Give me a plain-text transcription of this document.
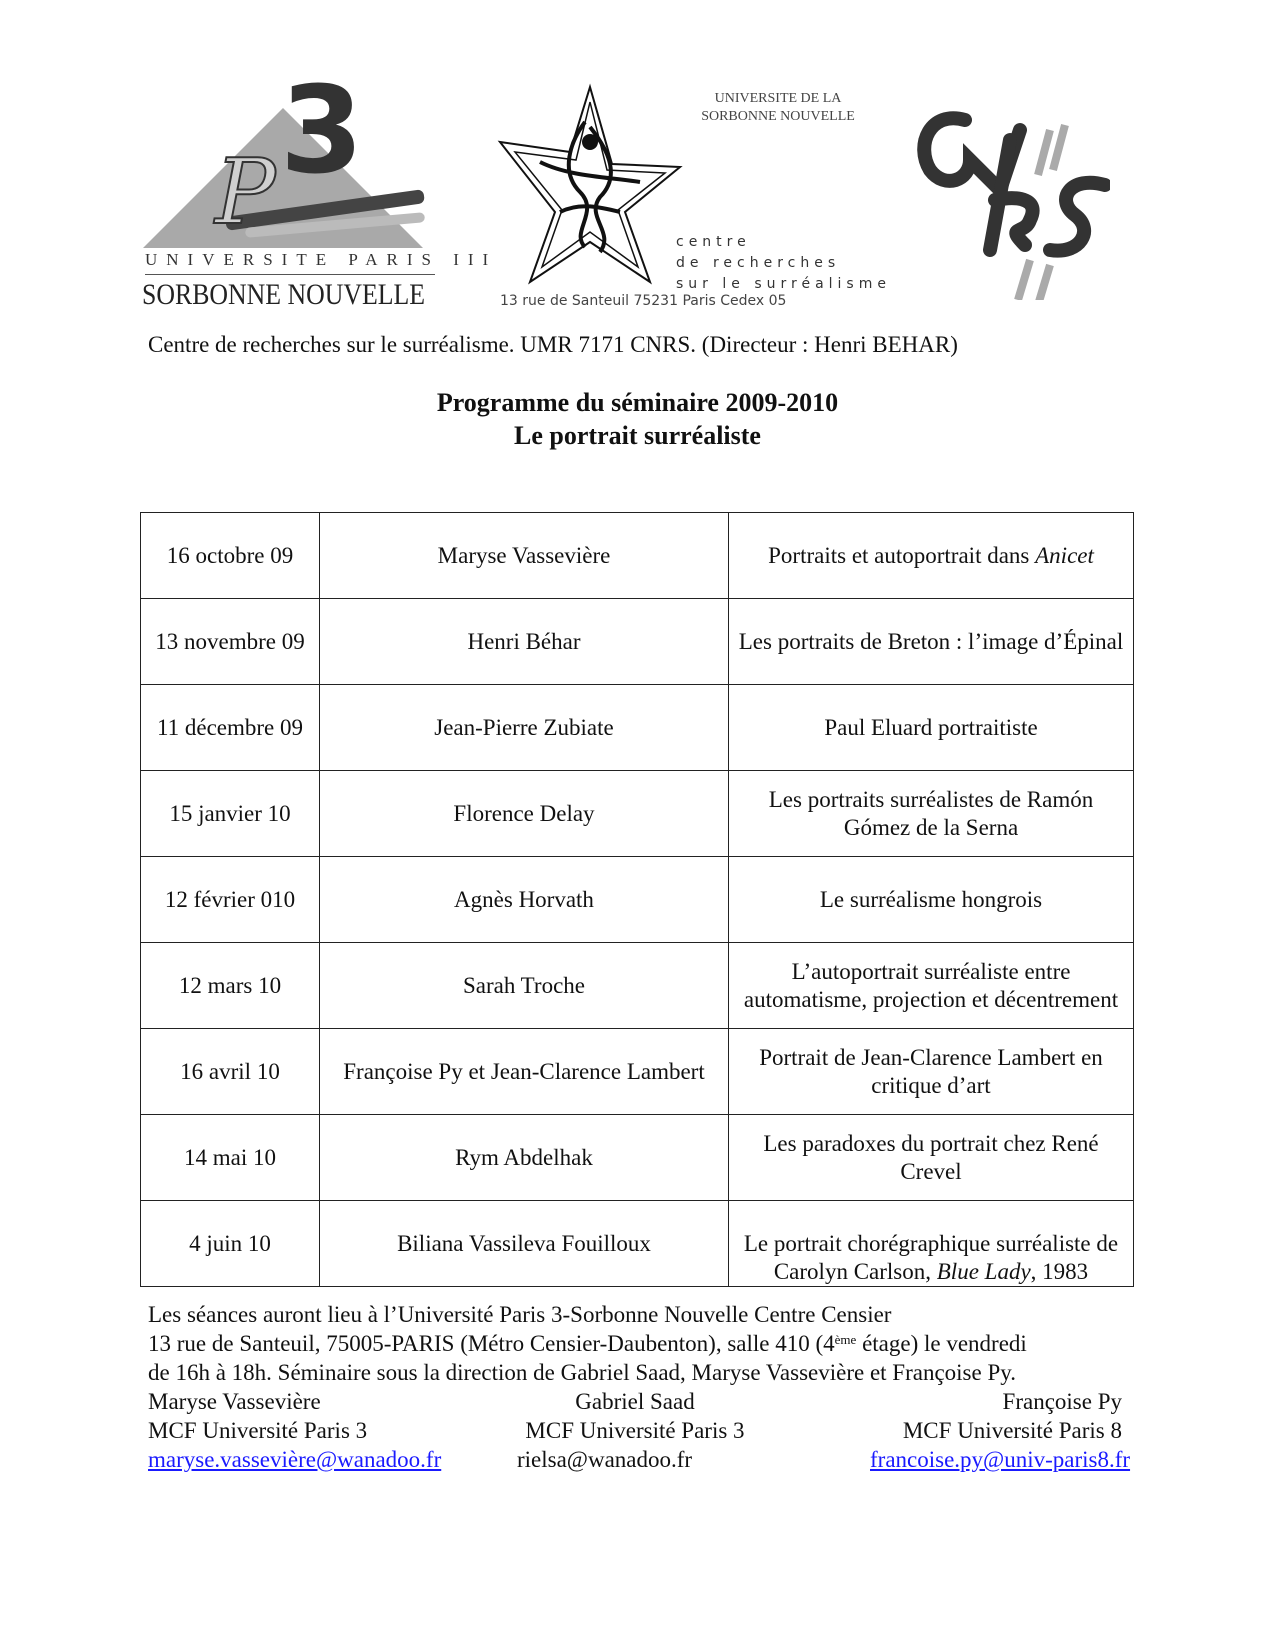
P 3
UNIVERSITE PARIS III
SORBONNE NOUVELLE
UNIVERSITE DE LA
SORBONNE NOUVELLE
centre
de recherches
sur le surréalisme
13 rue de Santeuil 75231 Paris Cedex 05
Centre de recherches sur le surréalisme. UMR 7171 CNRS. (Directeur : Henri BEHAR)
Programme du séminaire 2009-2010
Le portrait surréaliste
16 octobre 09	Maryse Vassevière	Portraits et autoportrait dans Anicet
13 novembre 09	Henri Béhar	Les portraits de Breton : l’image d’Épinal
11 décembre 09	Jean-Pierre Zubiate	Paul Eluard portraitiste
15 janvier 10	Florence Delay	Les portraits surréalistes de Ramón Gómez de la Serna
12 février 010	Agnès Horvath	Le surréalisme hongrois
12 mars 10	Sarah Troche	L’autoportrait surréaliste entre automatisme, projection et décentrement
16 avril 10	Françoise Py et Jean-Clarence Lambert	Portrait de Jean-Clarence Lambert en critique d’art
14 mai 10	Rym Abdelhak	Les paradoxes du portrait chez René Crevel
4 juin 10	Biliana Vassileva Fouilloux	Le portrait chorégraphique surréaliste de Carolyn Carlson, Blue Lady, 1983
Les séances auront lieu à l’Université Paris 3-Sorbonne Nouvelle Centre Censier
13 rue de Santeuil, 75005-PARIS (Métro Censier-Daubenton), salle 410 (4ème étage) le vendredi
de 16h à 18h. Séminaire sous la direction de Gabriel Saad, Maryse Vassevière et Françoise Py.
Maryse Vassevière
MCF Université Paris 3
maryse.vassevière@wanadoo.fr
Gabriel Saad
MCF Université Paris 3
rielsa@wanadoo.fr
Françoise Py
MCF Université Paris 8
francoise.py@univ-paris8.fr
